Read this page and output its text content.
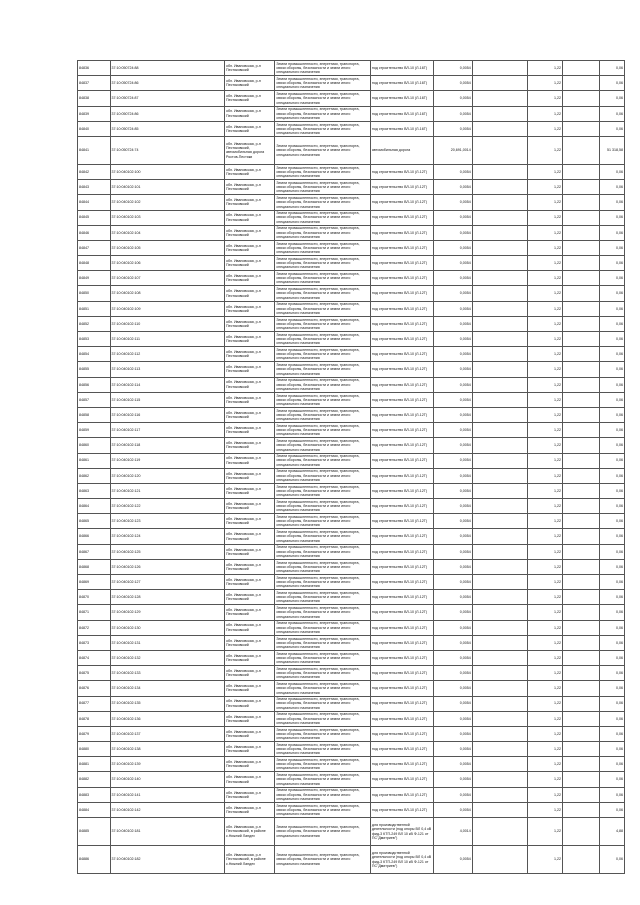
84836	37:10:050724:88	обл. Ивановская, р-н Пестяковский	Земли промышленности, энергетики, транспорта, связи обороны, безопасности и земли иного специального назначения	под строительство ВЛ-10 (Л-16Т)	0,0054		1,22		0,06
84837	37:10:050724:86	обл. Ивановская, р-н Пестяковский	Земли промышленности, энергетики, транспорта, связи обороны, безопасности и земли иного специального назначения	под строительство ВЛ-10 (Л-16Т)	0,0054		1,22		0,06
84838	37:10:050724:87	обл. Ивановская, р-н Пестяковский	Земли промышленности, энергетики, транспорта, связи обороны, безопасности и земли иного специального назначения	под строительство ВЛ-10 (Л-16Т)	0,0054		1,22		0,06
84839	37:10:050724:86	обл. Ивановская, р-н Пестяковский	Земли промышленности, энергетики, транспорта, связи обороны, безопасности и земли иного специального назначения	под строительство ВЛ-10 (Л-16Т)	0,0054		1,22		0,06
84840	37:10:050724:85	обл. Ивановская, р-н Пестяковский	Земли промышленности, энергетики, транспорта, связи обороны, безопасности и земли иного специального назначения	под строительство ВЛ-10 (Л-16Т)	0,0054		1,22		0,06
84841	37:10:050724:74	обл. Ивановская, р-н Пестяковский, автомобильная дорога Ростов-Пестяки	Земли промышленности, энергетики, транспорта, связи обороны, безопасности и земли иного специального назначения	автомобильная дорога	20,691,0014		1,22		51 318,58
84842	37:10:040102:100	обл. Ивановская, р-н Пестяковский	Земли промышленности, энергетики, транспорта, связи обороны, безопасности и земли иного специального назначения	под строительство ВЛ-10 (Л-12Т)	0,0054		1,22		0,06
84843	37:10:040102:101	обл. Ивановская, р-н Пестяковский	Земли промышленности, энергетики, транспорта, связи обороны, безопасности и земли иного специального назначения	под строительство ВЛ-10 (Л-12Т)	0,0054		1,22		0,06
84844	37:10:040102:102	обл. Ивановская, р-н Пестяковский	Земли промышленности, энергетики, транспорта, связи обороны, безопасности и земли иного специального назначения	под строительство ВЛ-10 (Л-12Т)	0,0054		1,22		0,06
84845	37:10:040102:103	обл. Ивановская, р-н Пестяковский	Земли промышленности, энергетики, транспорта, связи обороны, безопасности и земли иного специального назначения	под строительство ВЛ-10 (Л-12Т)	0,0054		1,22		0,06
84846	37:10:040102:104	обл. Ивановская, р-н Пестяковский	Земли промышленности, энергетики, транспорта, связи обороны, безопасности и земли иного специального назначения	под строительство ВЛ-10 (Л-12Т)	0,0054		1,22		0,06
84847	37:10:040102:105	обл. Ивановская, р-н Пестяковский	Земли промышленности, энергетики, транспорта, связи обороны, безопасности и земли иного специального назначения	под строительство ВЛ-10 (Л-12Т)	0,0054		1,22		0,06
84848	37:10:040102:106	обл. Ивановская, р-н Пестяковский	Земли промышленности, энергетики, транспорта, связи обороны, безопасности и земли иного специального назначения	под строительство ВЛ-10 (Л-12Т)	0,0054		1,22		0,06
84849	37:10:040102:107	обл. Ивановская, р-н Пестяковский	Земли промышленности, энергетики, транспорта, связи обороны, безопасности и земли иного специального назначения	под строительство ВЛ-10 (Л-12Т)	0,0054		1,22		0,06
84850	37:10:040102:108	обл. Ивановская, р-н Пестяковский	Земли промышленности, энергетики, транспорта, связи обороны, безопасности и земли иного специального назначения	под строительство ВЛ-10 (Л-12Т)	0,0054		1,22		0,06
84851	37:10:040102:109	обл. Ивановская, р-н Пестяковский	Земли промышленности, энергетики, транспорта, связи обороны, безопасности и земли иного специального назначения	под строительство ВЛ-10 (Л-12Т)	0,0054		1,22		0,06
84852	37:10:040102:110	обл. Ивановская, р-н Пестяковский	Земли промышленности, энергетики, транспорта, связи обороны, безопасности и земли иного специального назначения	под строительство ВЛ-10 (Л-12Т)	0,0054		1,22		0,06
84853	37:10:040102:111	обл. Ивановская, р-н Пестяковский	Земли промышленности, энергетики, транспорта, связи обороны, безопасности и земли иного специального назначения	под строительство ВЛ-10 (Л-12Т)	0,0054		1,22		0,06
84854	37:10:040102:112	обл. Ивановская, р-н Пестяковский	Земли промышленности, энергетики, транспорта, связи обороны, безопасности и земли иного специального назначения	под строительство ВЛ-10 (Л-12Т)	0,0054		1,22		0,06
84855	37:10:040102:113	обл. Ивановская, р-н Пестяковский	Земли промышленности, энергетики, транспорта, связи обороны, безопасности и земли иного специального назначения	под строительство ВЛ-10 (Л-12Т)	0,0054		1,22		0,06
84856	37:10:040102:114	обл. Ивановская, р-н Пестяковский	Земли промышленности, энергетики, транспорта, связи обороны, безопасности и земли иного специального назначения	под строительство ВЛ-10 (Л-12Т)	0,0054		1,22		0,06
84857	37:10:040102:115	обл. Ивановская, р-н Пестяковский	Земли промышленности, энергетики, транспорта, связи обороны, безопасности и земли иного специального назначения	под строительство ВЛ-10 (Л-12Т)	0,0054		1,22		0,06
84858	37:10:040102:116	обл. Ивановская, р-н Пестяковский	Земли промышленности, энергетики, транспорта, связи обороны, безопасности и земли иного специального назначения	под строительство ВЛ-10 (Л-12Т)	0,0054		1,22		0,06
84859	37:10:040102:117	обл. Ивановская, р-н Пестяковский	Земли промышленности, энергетики, транспорта, связи обороны, безопасности и земли иного специального назначения	под строительство ВЛ-10 (Л-12Т)	0,0054		1,22		0,06
84860	37:10:040102:118	обл. Ивановская, р-н Пестяковский	Земли промышленности, энергетики, транспорта, связи обороны, безопасности и земли иного специального назначения	под строительство ВЛ-10 (Л-12Т)	0,0054		1,22		0,06
84861	37:10:040102:119	обл. Ивановская, р-н Пестяковский	Земли промышленности, энергетики, транспорта, связи обороны, безопасности и земли иного специального назначения	под строительство ВЛ-10 (Л-12Т)	0,0054		1,22		0,06
84862	37:10:040102:120	обл. Ивановская, р-н Пестяковский	Земли промышленности, энергетики, транспорта, связи обороны, безопасности и земли иного специального назначения	под строительство ВЛ-10 (Л-12Т)	0,0054		1,22		0,06
84863	37:10:040102:121	обл. Ивановская, р-н Пестяковский	Земли промышленности, энергетики, транспорта, связи обороны, безопасности и земли иного специального назначения	под строительство ВЛ-10 (Л-12Т)	0,0054		1,22		0,06
84864	37:10:040102:122	обл. Ивановская, р-н Пестяковский	Земли промышленности, энергетики, транспорта, связи обороны, безопасности и земли иного специального назначения	под строительство ВЛ-10 (Л-12Т)	0,0054		1,22		0,06
84865	37:10:040102:123	обл. Ивановская, р-н Пестяковский	Земли промышленности, энергетики, транспорта, связи обороны, безопасности и земли иного специального назначения	под строительство ВЛ-10 (Л-12Т)	0,0054		1,22		0,06
84866	37:10:040102:124	обл. Ивановская, р-н Пестяковский	Земли промышленности, энергетики, транспорта, связи обороны, безопасности и земли иного специального назначения	под строительство ВЛ-10 (Л-12Т)	0,0054		1,22		0,06
84867	37:10:040102:125	обл. Ивановская, р-н Пестяковский	Земли промышленности, энергетики, транспорта, связи обороны, безопасности и земли иного специального назначения	под строительство ВЛ-10 (Л-12Т)	0,0054		1,22		0,06
84868	37:10:040102:126	обл. Ивановская, р-н Пестяковский	Земли промышленности, энергетики, транспорта, связи обороны, безопасности и земли иного специального назначения	под строительство ВЛ-10 (Л-12Т)	0,0054		1,22		0,06
84869	37:10:040102:127	обл. Ивановская, р-н Пестяковский	Земли промышленности, энергетики, транспорта, связи обороны, безопасности и земли иного специального назначения	под строительство ВЛ-10 (Л-12Т)	0,0054		1,22		0,06
84870	37:10:040102:128	обл. Ивановская, р-н Пестяковский	Земли промышленности, энергетики, транспорта, связи обороны, безопасности и земли иного специального назначения	под строительство ВЛ-10 (Л-12Т)	0,0054		1,22		0,06
84871	37:10:040102:129	обл. Ивановская, р-н Пестяковский	Земли промышленности, энергетики, транспорта, связи обороны, безопасности и земли иного специального назначения	под строительство ВЛ-10 (Л-12Т)	0,0054		1,22		0,06
84872	37:10:040102:130	обл. Ивановская, р-н Пестяковский	Земли промышленности, энергетики, транспорта, связи обороны, безопасности и земли иного специального назначения	под строительство ВЛ-10 (Л-12Т)	0,0054		1,22		0,06
84873	37:10:040102:131	обл. Ивановская, р-н Пестяковский	Земли промышленности, энергетики, транспорта, связи обороны, безопасности и земли иного специального назначения	под строительство ВЛ-10 (Л-12Т)	0,0054		1,22		0,06
84874	37:10:040102:132	обл. Ивановская, р-н Пестяковский	Земли промышленности, энергетики, транспорта, связи обороны, безопасности и земли иного специального назначения	под строительство ВЛ-10 (Л-12Т)	0,0054		1,22		0,06
84875	37:10:040102:133	обл. Ивановская, р-н Пестяковский	Земли промышленности, энергетики, транспорта, связи обороны, безопасности и земли иного специального назначения	под строительство ВЛ-10 (Л-12Т)	0,0054		1,22		0,06
84876	37:10:040102:134	обл. Ивановская, р-н Пестяковский	Земли промышленности, энергетики, транспорта, связи обороны, безопасности и земли иного специального назначения	под строительство ВЛ-10 (Л-12Т)	0,0054		1,22		0,06
84877	37:10:040102:135	обл. Ивановская, р-н Пестяковский	Земли промышленности, энергетики, транспорта, связи обороны, безопасности и земли иного специального назначения	под строительство ВЛ-10 (Л-12Т)	0,0054		1,22		0,06
84878	37:10:040102:136	обл. Ивановская, р-н Пестяковский	Земли промышленности, энергетики, транспорта, связи обороны, безопасности и земли иного специального назначения	под строительство ВЛ-10 (Л-12Т)	0,0054		1,22		0,06
84879	37:10:040102:137	обл. Ивановская, р-н Пестяковский	Земли промышленности, энергетики, транспорта, связи обороны, безопасности и земли иного специального назначения	под строительство ВЛ-10 (Л-12Т)	0,0054		1,22		0,06
84880	37:10:040102:138	обл. Ивановская, р-н Пестяковский	Земли промышленности, энергетики, транспорта, связи обороны, безопасности и земли иного специального назначения	под строительство ВЛ-10 (Л-12Т)	0,0054		1,22		0,06
84881	37:10:040102:139	обл. Ивановская, р-н Пестяковский	Земли промышленности, энергетики, транспорта, связи обороны, безопасности и земли иного специального назначения	под строительство ВЛ-10 (Л-12Т)	0,0054		1,22		0,06
84882	37:10:040102:140	обл. Ивановская, р-н Пестяковский	Земли промышленности, энергетики, транспорта, связи обороны, безопасности и земли иного специального назначения	под строительство ВЛ-10 (Л-12Т)	0,0054		1,22		0,06
84883	37:10:040102:141	обл. Ивановская, р-н Пестяковский	Земли промышленности, энергетики, транспорта, связи обороны, безопасности и земли иного специального назначения	под строительство ВЛ-10 (Л-12Т)	0,0054		1,22		0,06
84884	37:10:040102:142	обл. Ивановская, р-н Пестяковский	Земли промышленности, энергетики, транспорта, связи обороны, безопасности и земли иного специального назначения	под строительство ВЛ-10 (Л-12Т)	0,0054		1,22		0,06
84885	37:10:040102:181	обл. Ивановская, р-н Пестяковский, в районе с.Нижний Ландех	Земли промышленности, энергетики, транспорта, связи обороны, безопасности и земли иного специального назначения	для производственной деятельности (под опоры ВЛ 0,4 кВ фид-3 КТП-249 ВЛ 10 кВ Ф-121 от ПС"Дмитриев")	4,0014		1,22		4,88
84886	37:10:040102:182	обл. Ивановская, р-н Пестяковский, в районе с.Нижний Ландех	Земли промышленности, энергетики, транспорта, связи обороны, безопасности и земли иного специального назначения	для производственной деятельности (под опоры ВЛ 0,4 кВ фид-3 КТП-249 ВЛ 10 кВ Ф-121 от ПС"Дмитриев")	0,0054		1,22		0,06
